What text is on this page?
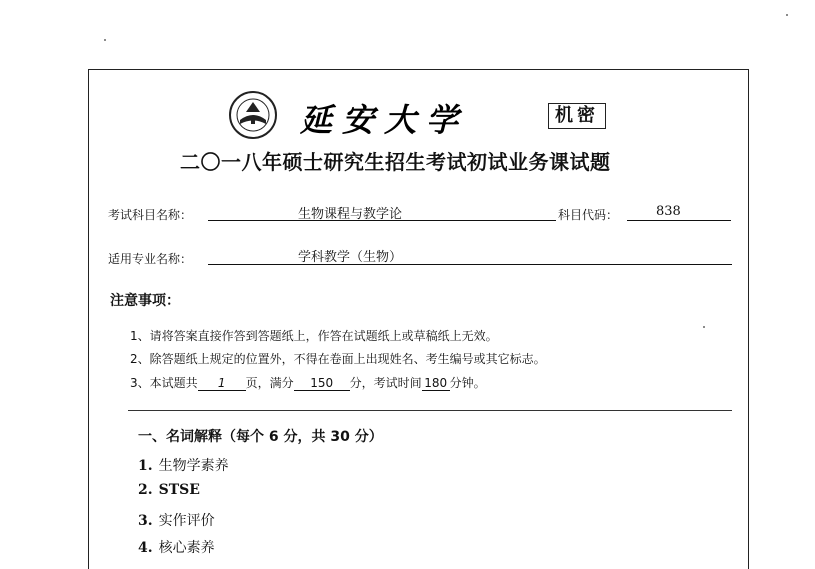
延安大学	机密
二〇一八年硕士研究生招生考试初试业务课试题
考试科目名称：	生物课程与教学论	科目代码：	838
适用专业名称：	学科教学（生物）
注意事项：
1、请将答案直接作答到答题纸上，作答在试题纸上或草稿纸上无效。
2、除答题纸上规定的位置外，不得在卷面上出现姓名、考生编号或其它标志。
3、本试题共 1 页，满分 150 分，考试时间 180 分钟。
一、名词解释（每个 6 分，共 30 分）
1. 生物学素养
2. STSE
3. 实作评价
4. 核心素养
